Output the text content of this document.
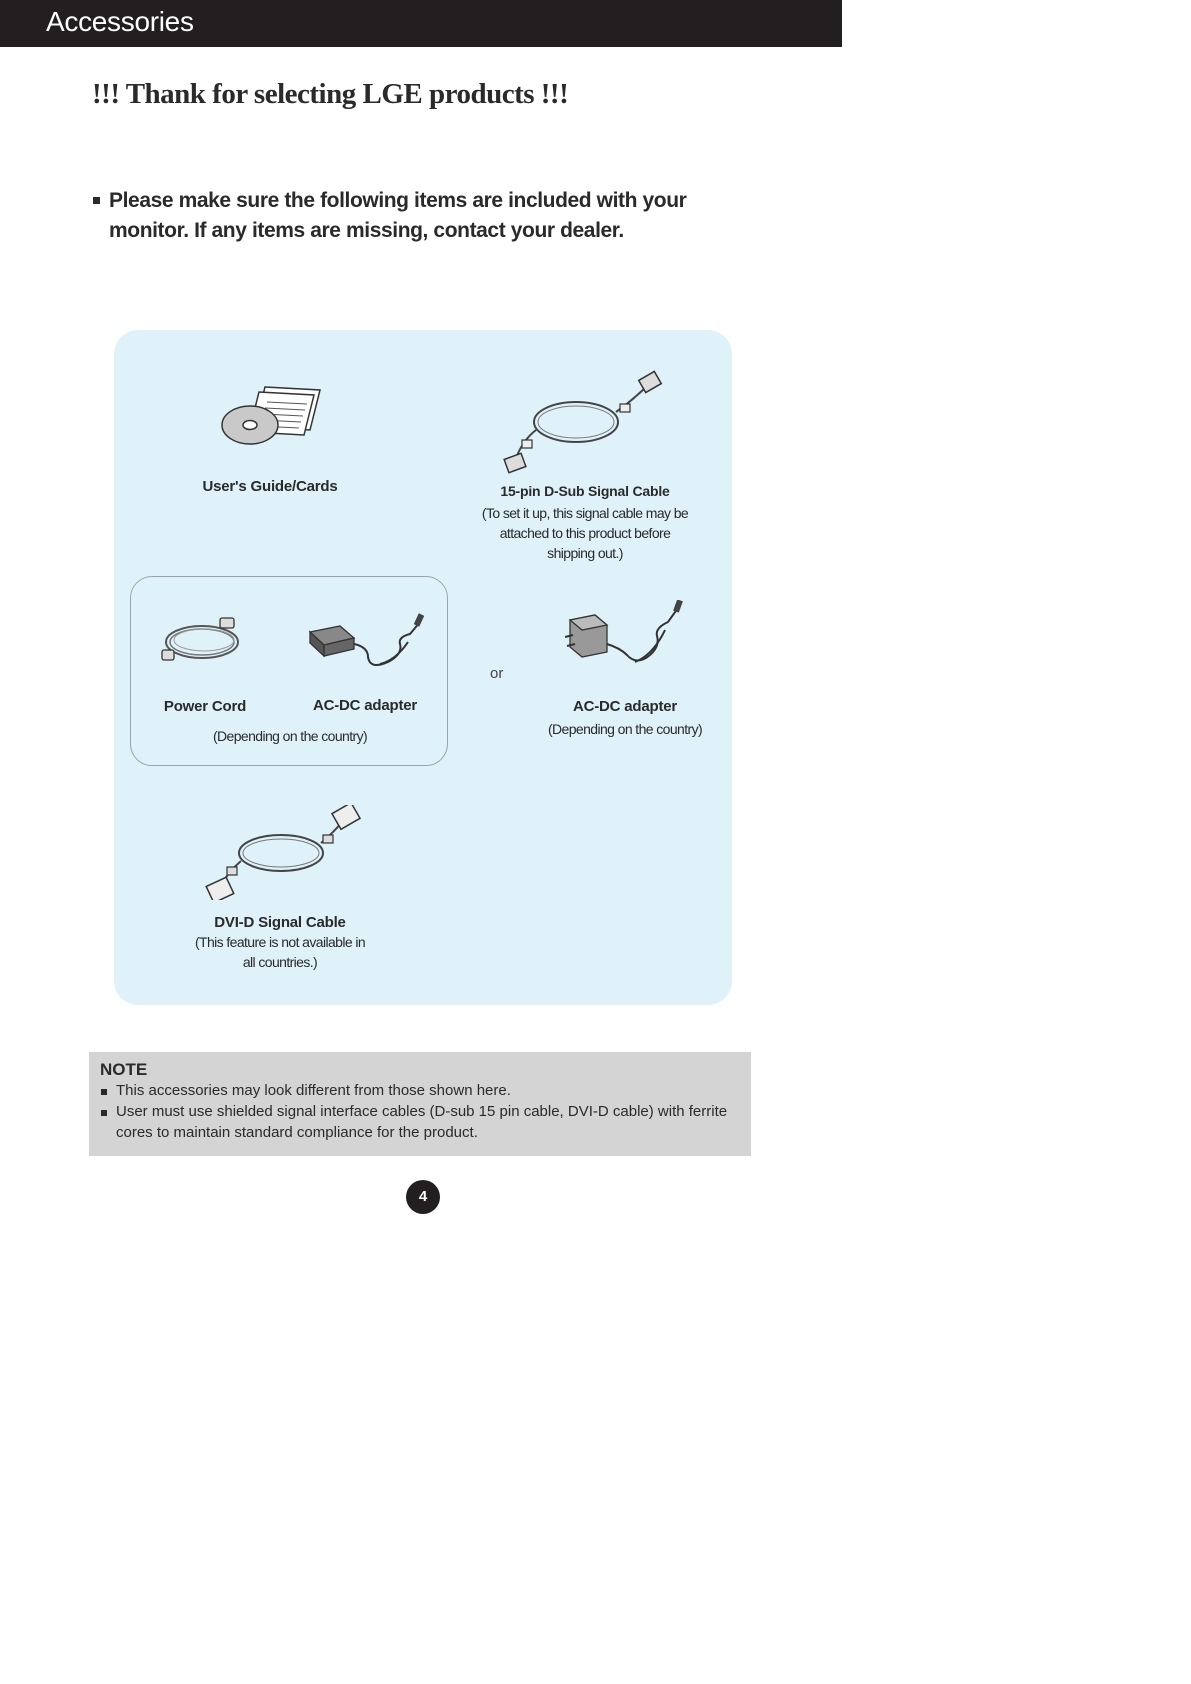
Accessories
!!! Thank for selecting LGE products !!!
Please make sure the following items are included with your monitor. If any items are missing, contact your dealer.
User's Guide/Cards	15-pin D-Sub Signal Cable
(To set it up, this signal cable may be
attached to this product before
shipping out.)
Power Cord	AC-DC adapter
(Depending on the country)
or
AC-DC adapter
(Depending on the country)
DVI-D Signal Cable
(This feature is not available in
all countries.)
NOTE
This accessories may look different from those shown here.
User must use shielded signal interface cables (D-sub 15 pin cable, DVI-D cable) with ferrite cores to maintain standard compliance for the product.
4
